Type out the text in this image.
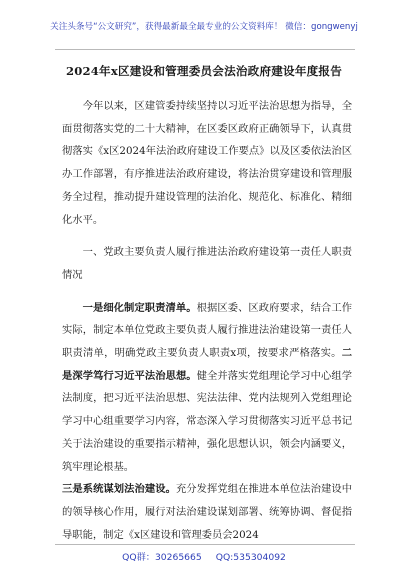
关注头条号“公文研究”，获得最新最全最专业的公文资料库！ 微信：gongwenyj
2024年x区建设和管理委员会法治政府建设年度报告

今年以来，区建管委持续坚持以习近平法治思想为指导，全面贯彻落实党的二十大精神，在区委区政府正确领导下，认真贯彻落实《x区2024年法治政府建设工作要点》以及区委依法治区办工作部署，有序推进法治政府建设，将法治贯穿建设和管理服务全过程，推动提升建设管理的法治化、规范化、标准化、精细化水平。

一、党政主要负责人履行推进法治政府建设第一责任人职责情况

一是细化制定职责清单。根据区委、区政府要求，结合工作实际，制定本单位党政主要负责人履行推进法治建设第一责任人职责清单，明确党政主要负责人职责x项，按要求严格落实。二是深学笃行习近平法治思想。健全并落实党组理论学习中心组学法制度，把习近平法治思想、宪法法律、党内法规列入党组理论学习中心组重要学习内容，常态深入学习贯彻落实习近平总书记关于法治建设的重要指示精神，强化思想认识，领会内涵要义，筑牢理论根基。

三是系统谋划法治建设。充分发挥党组在推进本单位法治建设中的领导核心作用，履行对法治建设谋划部署、统筹协调、督促指导职能，制定《x区建设和管理委员会2024

QQ群：30265665 QQ:535304092
